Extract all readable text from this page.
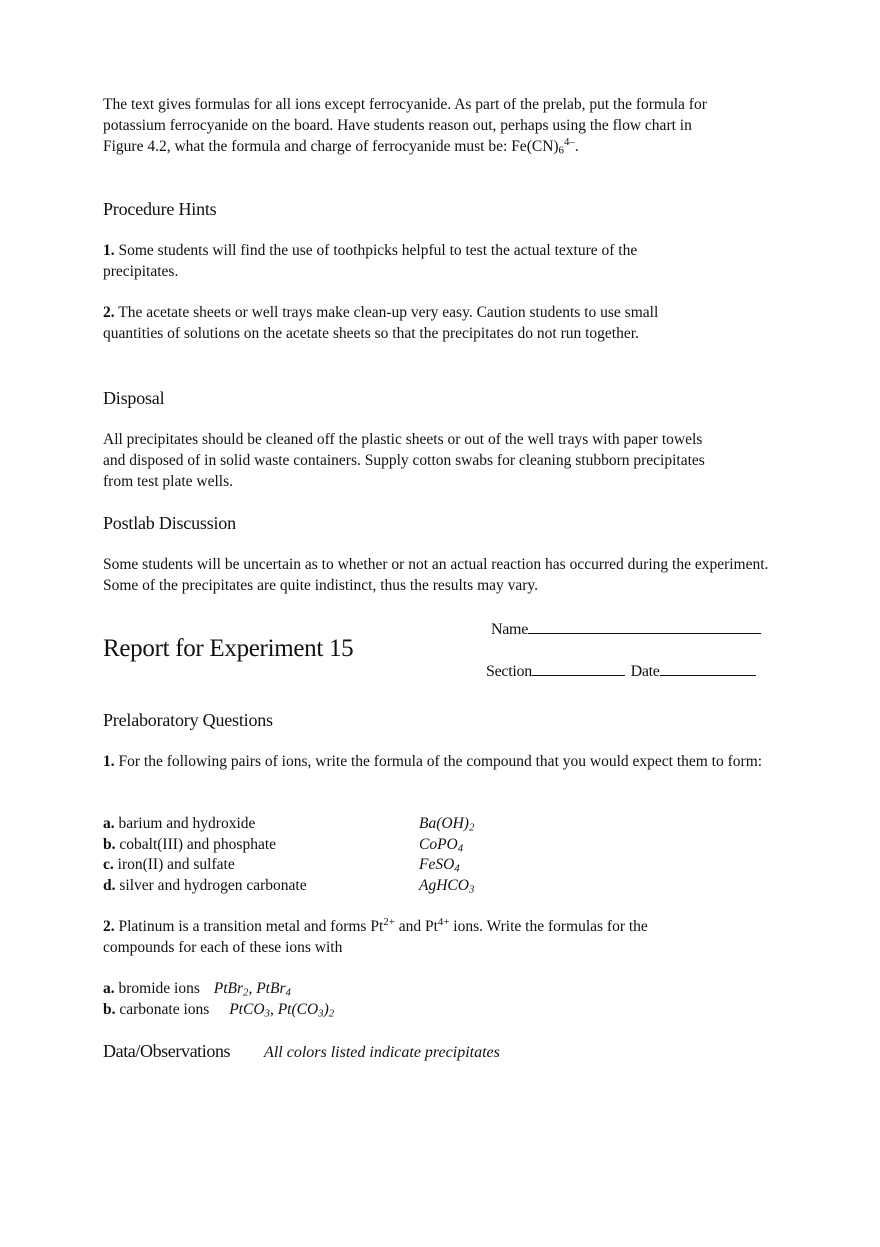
The text gives formulas for all ions except ferrocyanide. As part of the prelab, put the formula for potassium ferrocyanide on the board. Have students reason out, perhaps using the flow chart in Figure 4.2, what the formula and charge of ferrocyanide must be: $Fe(CN)_6^{4-}$.
Procedure Hints
1. Some students will find the use of toothpicks helpful to test the actual texture of the precipitates.
2. The acetate sheets or well trays make clean-up very easy. Caution students to use small quantities of solutions on the acetate sheets so that the precipitates do not run together.
Disposal
All precipitates should be cleaned off the plastic sheets or out of the well trays with paper towels and disposed of in solid waste containers. Supply cotton swabs for cleaning stubborn precipitates from test plate wells.
Postlab Discussion
Some students will be uncertain as to whether or not an actual reaction has occurred during the experiment. Some of the precipitates are quite indistinct, thus the results may vary.
Report for Experiment 15
Name
Section	Date
Prelaboratory Questions
1. For the following pairs of ions, write the formula of the compound that you would expect them to form:
a. barium and hydroxide	$Ba(OH)_2$
b. cobalt(III) and phosphate	CoPO$_4$
c. iron(II) and sulfate	FeSO$_4$
d. silver and hydrogen carbonate	AgHCO$_3$
2. Platinum is a transition metal and forms $Pt^{2+}$ and $Pt^{4+}$ ions. Write the formulas for the compounds for each of these ions with
a. bromide ions PtBr$_2$, PtBr$_4$
b. carbonate ions PtCO$_3$, $Pt(CO_3)_2$
Data/Observations All colors listed indicate precipitates
